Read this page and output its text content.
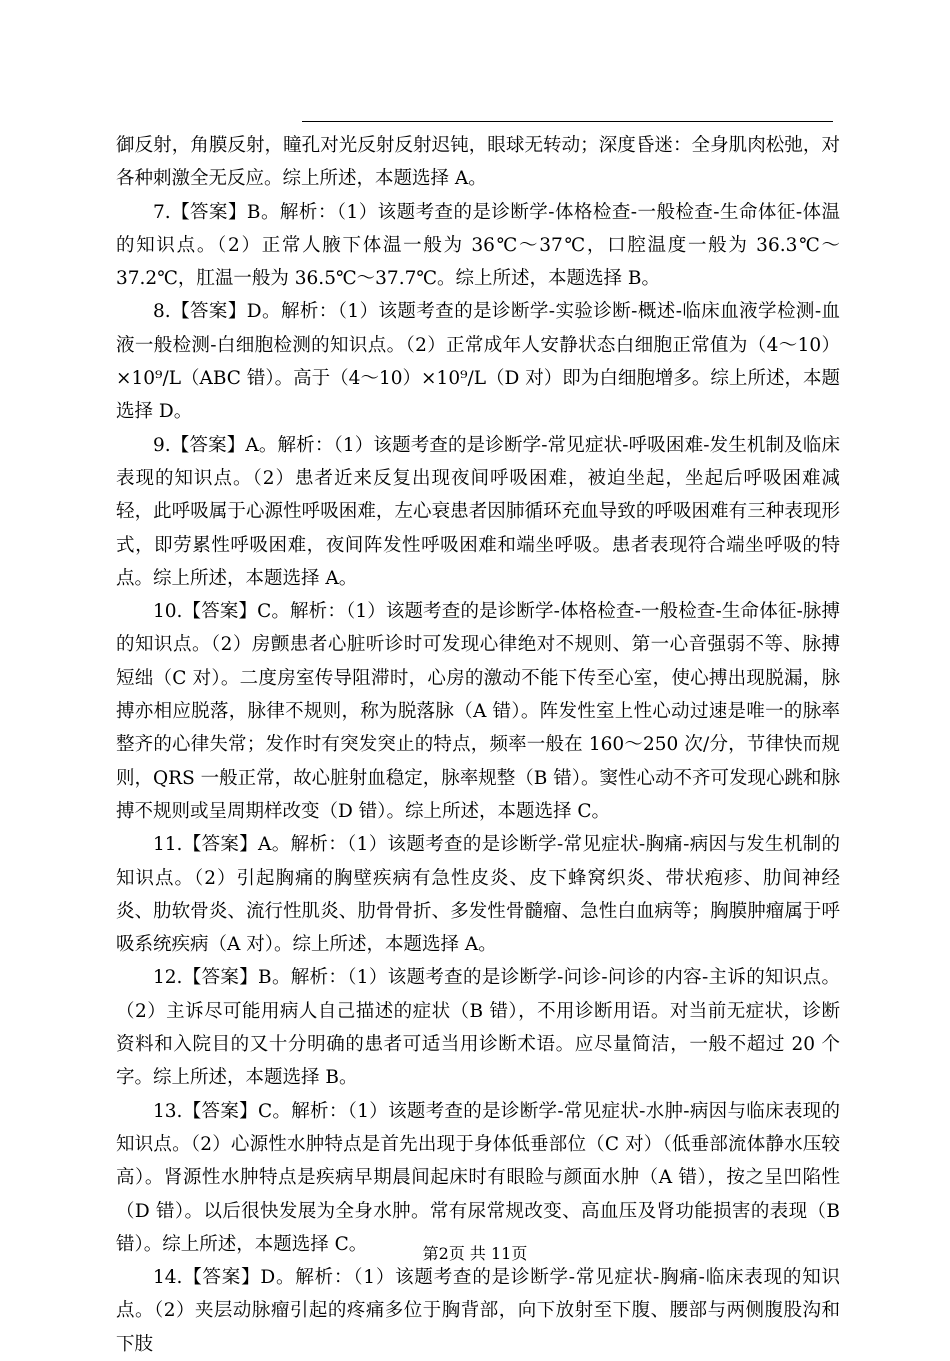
御反射，角膜反射，瞳孔对光反射反射迟钝，眼球无转动；深度昏迷：全身肌肉松弛，对各种刺激全无反应。综上所述，本题选择 A。

7.【答案】B。解析：（1）该题考查的是诊断学-体格检查-一般检查-生命体征-体温的知识点。（2）正常人腋下体温一般为 36℃～37℃，口腔温度一般为 36.3℃～37.2℃，肛温一般为 36.5℃～37.7℃。综上所述，本题选择 B。

8.【答案】D。解析：（1）该题考查的是诊断学-实验诊断-概述-临床血液学检测-血液一般检测-白细胞检测的知识点。（2）正常成年人安静状态白细胞正常值为（4～10）×10⁹/L（ABC 错）。高于（4～10）×10⁹/L（D 对）即为白细胞增多。综上所述，本题选择 D。

9.【答案】A。解析：（1）该题考查的是诊断学-常见症状-呼吸困难-发生机制及临床表现的知识点。（2）患者近来反复出现夜间呼吸困难，被迫坐起，坐起后呼吸困难减轻，此呼吸属于心源性呼吸困难，左心衰患者因肺循环充血导致的呼吸困难有三种表现形式，即劳累性呼吸困难，夜间阵发性呼吸困难和端坐呼吸。患者表现符合端坐呼吸的特点。综上所述，本题选择 A。

10.【答案】C。解析：（1）该题考查的是诊断学-体格检查-一般检查-生命体征-脉搏的知识点。（2）房颤患者心脏听诊时可发现心律绝对不规则、第一心音强弱不等、脉搏短绌（C 对）。二度房室传导阻滞时，心房的激动不能下传至心室，使心搏出现脱漏，脉搏亦相应脱落，脉律不规则，称为脱落脉（A 错）。阵发性室上性心动过速是唯一的脉率整齐的心律失常；发作时有突发突止的特点，频率一般在 160～250 次/分，节律快而规则，QRS 一般正常，故心脏射血稳定，脉率规整（B 错）。窦性心动不齐可发现心跳和脉搏不规则或呈周期样改变（D 错）。综上所述，本题选择 C。

11.【答案】A。解析：（1）该题考查的是诊断学-常见症状-胸痛-病因与发生机制的知识点。（2）引起胸痛的胸壁疾病有急性皮炎、皮下蜂窝织炎、带状疱疹、肋间神经炎、肋软骨炎、流行性肌炎、肋骨骨折、多发性骨髓瘤、急性白血病等；胸膜肿瘤属于呼吸系统疾病（A 对）。综上所述，本题选择 A。

12.【答案】B。解析：（1）该题考查的是诊断学-问诊-问诊的内容-主诉的知识点。（2）主诉尽可能用病人自己描述的症状（B 错），不用诊断用语。对当前无症状，诊断资料和入院目的又十分明确的患者可适当用诊断术语。应尽量简洁，一般不超过 20 个字。综上所述，本题选择 B。

13.【答案】C。解析：（1）该题考查的是诊断学-常见症状-水肿-病因与临床表现的知识点。（2）心源性水肿特点是首先出现于身体低垂部位（C 对）（低垂部流体静水压较高）。肾源性水肿特点是疾病早期晨间起床时有眼睑与颜面水肿（A 错），按之呈凹陷性（D 错）。以后很快发展为全身水肿。常有尿常规改变、高血压及肾功能损害的表现（B 错）。综上所述，本题选择 C。

14.【答案】D。解析：（1）该题考查的是诊断学-常见症状-胸痛-临床表现的知识点。（2）夹层动脉瘤引起的疼痛多位于胸背部，向下放射至下腹、腰部与两侧腹股沟和下肢

第2页 共 11页
